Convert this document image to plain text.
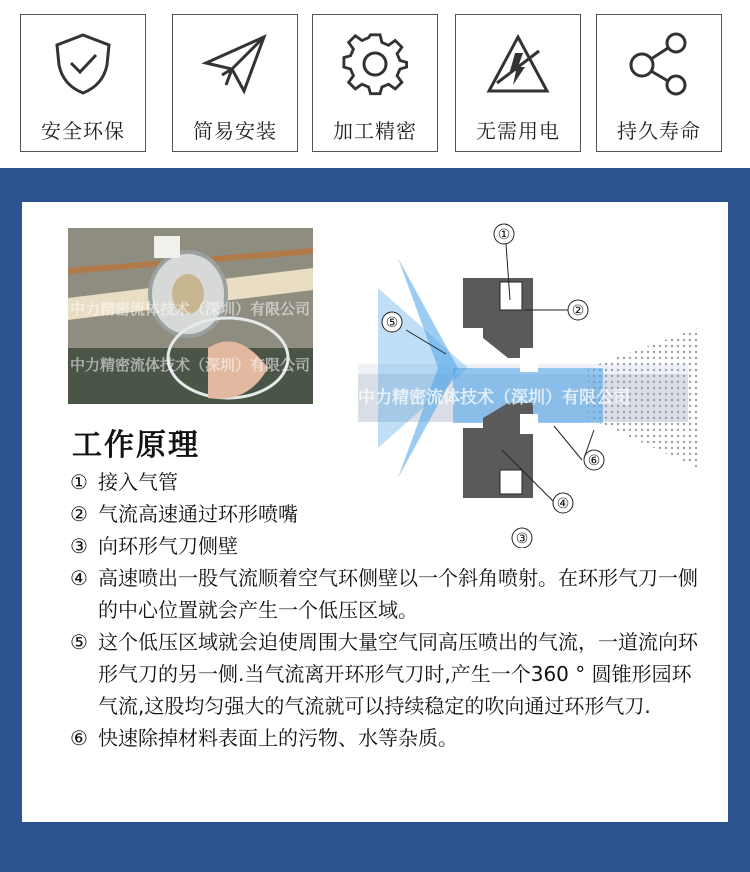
安全环保	简易安装	加工精密	无需用电	持久寿命
中力精密流体技术（深圳）有限公司
中力精密流体技术（深圳）有限公司
①
②
③
④
⑤
⑥
中力精密流体技术（深圳）有限公司
工作原理

① 接入气管

② 气流高速通过环形喷嘴

③ 向环形气刀侧壁

④ 高速喷出一股气流顺着空气环侧壁以一个斜角喷射。在环形气刀一侧的中心位置就会产生一个低压区域。

⑤ 这个低压区域就会迫使周围大量空气同高压喷出的气流，一道流向环形气刀的另一侧.当气流离开环形气刀时,产生一个360 ° 圆锥形园环气流,这股均匀强大的气流就可以持续稳定的吹向通过环形气刀.

⑥ 快速除掉材料表面上的污物、水等杂质。
